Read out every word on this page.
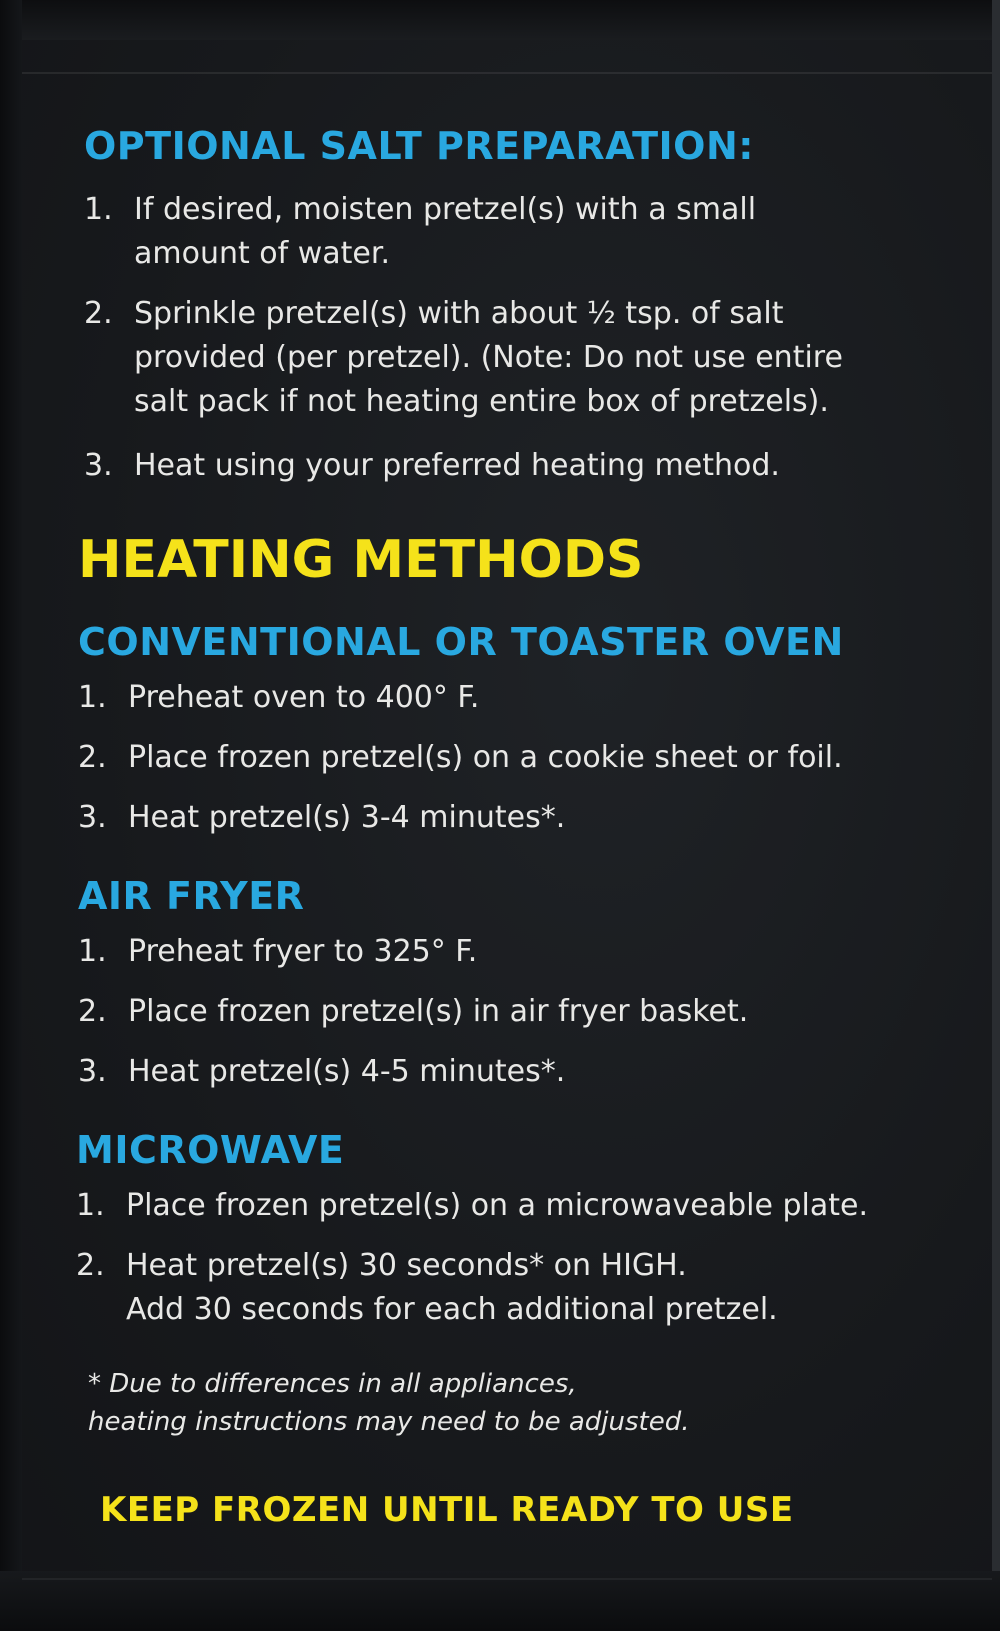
OPTIONAL SALT PREPARATION:
1. If desired, moisten pretzel(s) with a small
amount of water.
2. Sprinkle pretzel(s) with about ½ tsp. of salt
provided (per pretzel). (Note: Do not use entire
salt pack if not heating entire box of pretzels).
3. Heat using your preferred heating method.
HEATING METHODS
CONVENTIONAL OR TOASTER OVEN
1. Preheat oven to 400° F.
2. Place frozen pretzel(s) on a cookie sheet or foil.
3. Heat pretzel(s) 3-4 minutes*.
AIR FRYER
1. Preheat fryer to 325° F.
2. Place frozen pretzel(s) in air fryer basket.
3. Heat pretzel(s) 4-5 minutes*.
MICROWAVE
1. Place frozen pretzel(s) on a microwaveable plate.
2. Heat pretzel(s) 30 seconds* on HIGH.
Add 30 seconds for each additional pretzel.

* Due to differences in all appliances,
heating instructions may need to be adjusted.

KEEP FROZEN UNTIL READY TO USE
